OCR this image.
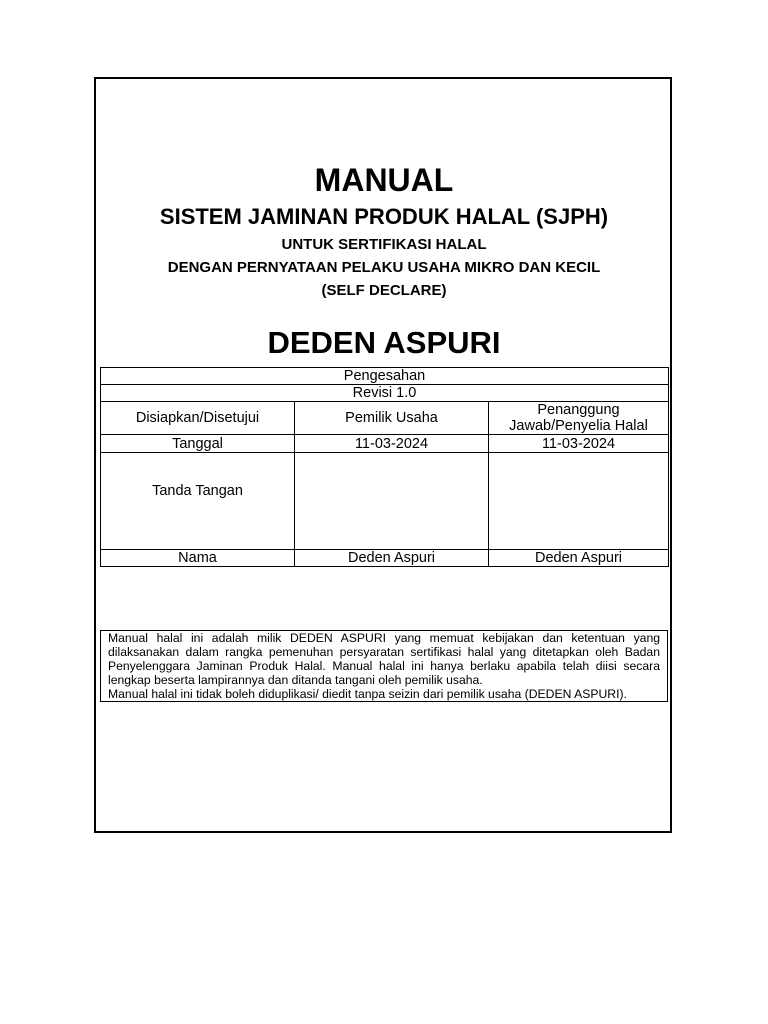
MANUAL
SISTEM JAMINAN PRODUK HALAL (SJPH)
UNTUK SERTIFIKASI HALAL
DENGAN PERNYATAAN PELAKU USAHA MIKRO DAN KECIL
(SELF DECLARE)
DEDEN ASPURI
Pengesahan		
Revisi 1.0		
Disiapkan/Disetujui	Pemilik Usaha	Penanggung Jawab/Penyelia Halal
Tanggal	11-03-2024	11-03-2024
Tanda Tangan		
Nama	Deden Aspuri	Deden Aspuri

Manual halal ini adalah milik DEDEN ASPURI yang memuat kebijakan dan ketentuan yang dilaksanakan dalam rangka pemenuhan persyaratan sertifikasi halal yang ditetapkan oleh Badan Penyelenggara Jaminan Produk Halal. Manual halal ini hanya berlaku apabila telah diisi secara lengkap beserta lampirannya dan ditanda tangani oleh pemilik usaha.

Manual halal ini tidak boleh diduplikasi/ diedit tanpa seizin dari pemilik usaha (DEDEN ASPURI).
